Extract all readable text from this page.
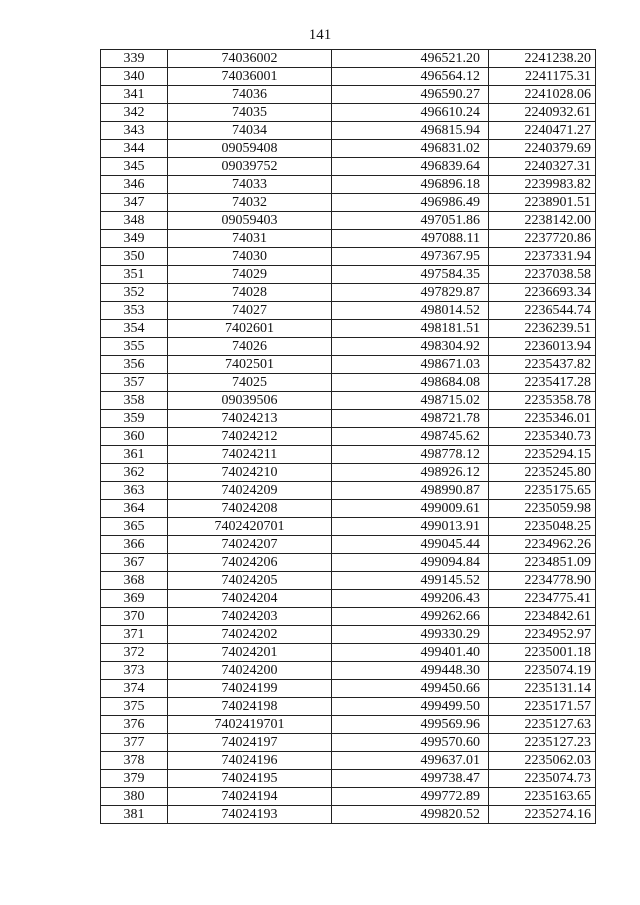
141
339	74036002	496521.20	2241238.20
340	74036001	496564.12	2241175.31
341	74036	496590.27	2241028.06
342	74035	496610.24	2240932.61
343	74034	496815.94	2240471.27
344	09059408	496831.02	2240379.69
345	09039752	496839.64	2240327.31
346	74033	496896.18	2239983.82
347	74032	496986.49	2238901.51
348	09059403	497051.86	2238142.00
349	74031	497088.11	2237720.86
350	74030	497367.95	2237331.94
351	74029	497584.35	2237038.58
352	74028	497829.87	2236693.34
353	74027	498014.52	2236544.74
354	7402601	498181.51	2236239.51
355	74026	498304.92	2236013.94
356	7402501	498671.03	2235437.82
357	74025	498684.08	2235417.28
358	09039506	498715.02	2235358.78
359	74024213	498721.78	2235346.01
360	74024212	498745.62	2235340.73
361	74024211	498778.12	2235294.15
362	74024210	498926.12	2235245.80
363	74024209	498990.87	2235175.65
364	74024208	499009.61	2235059.98
365	7402420701	499013.91	2235048.25
366	74024207	499045.44	2234962.26
367	74024206	499094.84	2234851.09
368	74024205	499145.52	2234778.90
369	74024204	499206.43	2234775.41
370	74024203	499262.66	2234842.61
371	74024202	499330.29	2234952.97
372	74024201	499401.40	2235001.18
373	74024200	499448.30	2235074.19
374	74024199	499450.66	2235131.14
375	74024198	499499.50	2235171.57
376	7402419701	499569.96	2235127.63
377	74024197	499570.60	2235127.23
378	74024196	499637.01	2235062.03
379	74024195	499738.47	2235074.73
380	74024194	499772.89	2235163.65
381	74024193	499820.52	2235274.16
